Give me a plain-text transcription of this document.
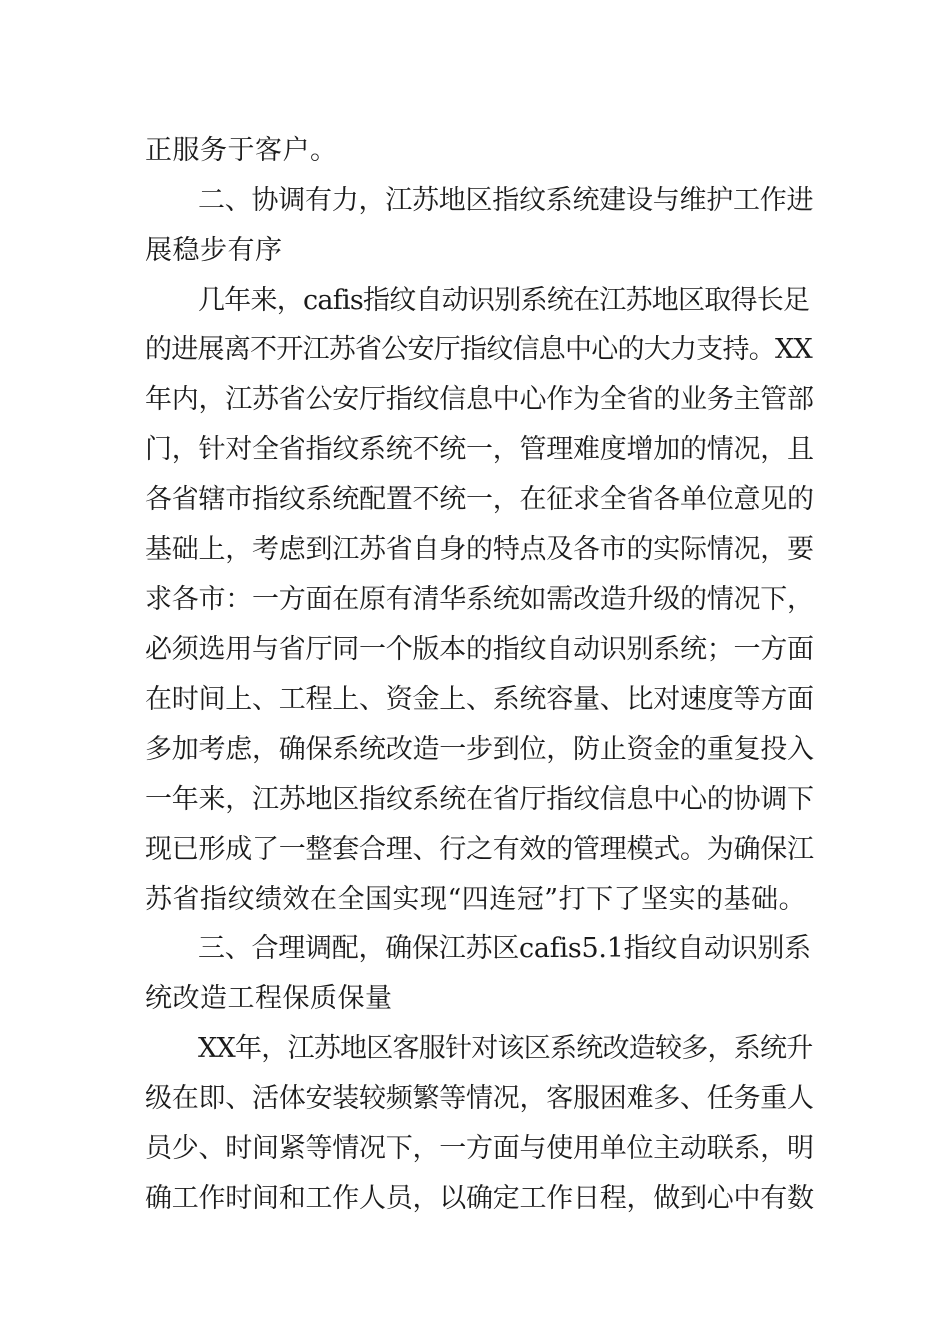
正服务于客户。
二、协调有力，江苏地区指纹系统建设与维护工作进
展稳步有序
几年来，cafis指纹自动识别系统在江苏地区取得长足
的进展离不开江苏省公安厅指纹信息中心的大力支持。XX
年内，江苏省公安厅指纹信息中心作为全省的业务主管部
门，针对全省指纹系统不统一，管理难度增加的情况，且
各省辖市指纹系统配置不统一，在征求全省各单位意见的
基础上，考虑到江苏省自身的特点及各市的实际情况，要
求各市：一方面在原有清华系统如需改造升级的情况下，
必须选用与省厅同一个版本的指纹自动识别系统；一方面
在时间上、工程上、资金上、系统容量、比对速度等方面
多加考虑，确保系统改造一步到位，防止资金的重复投入
一年来，江苏地区指纹系统在省厅指纹信息中心的协调下
现已形成了一整套合理、行之有效的管理模式。为确保江
苏省指纹绩效在全国实现“四连冠”打下了坚实的基础。
三、合理调配，确保江苏区cafis5.1指纹自动识别系
统改造工程保质保量
XX年，江苏地区客服针对该区系统改造较多，系统升
级在即、活体安装较频繁等情况，客服困难多、任务重人
员少、时间紧等情况下，一方面与使用单位主动联系，明
确工作时间和工作人员，以确定工作日程，做到心中有数
